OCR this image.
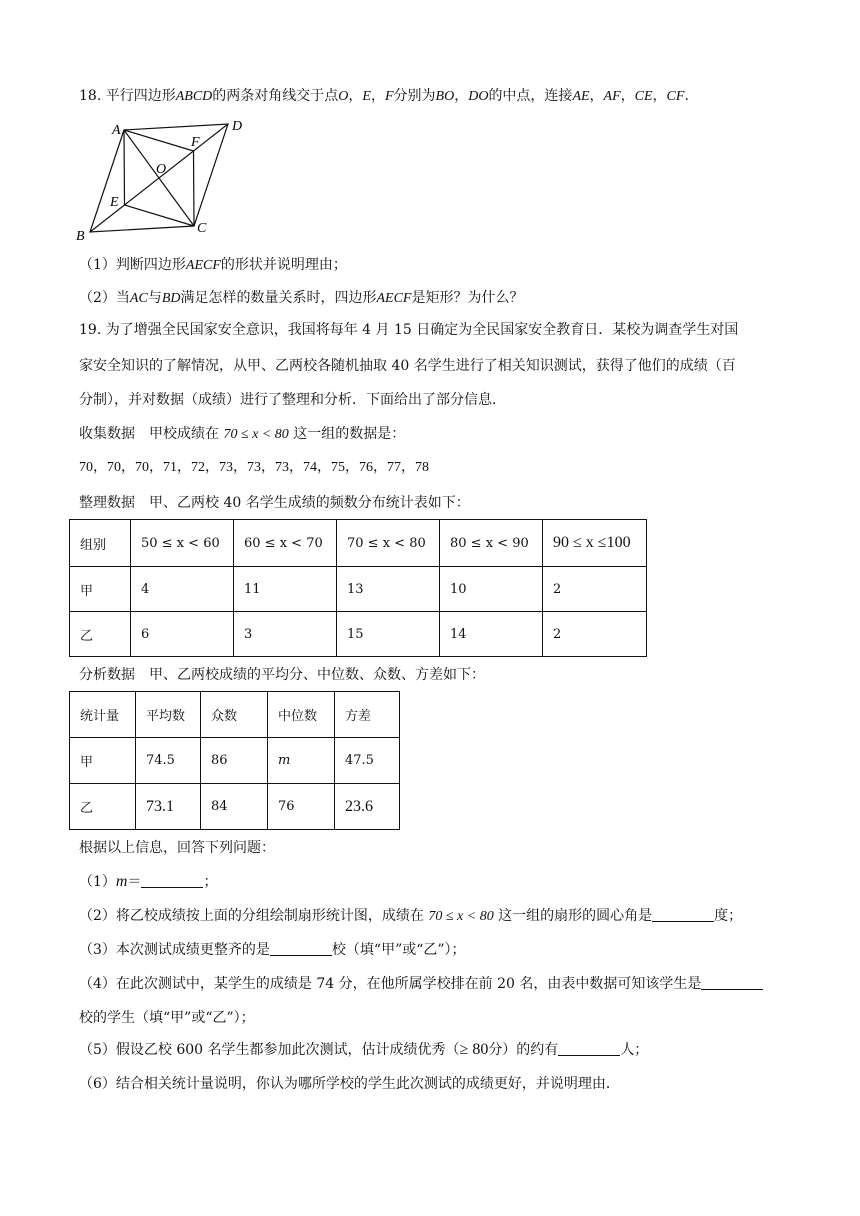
18. 平行四边形ABCD的两条对角线交于点O，E，F分别为BO，DO的中点，连接AE，AF，CE，CF.
A	D
F
O
E
C
B
（1）判断四边形AECF的形状并说明理由；
（2）当AC与BD满足怎样的数量关系时，四边形AECF是矩形？为什么？
19. 为了增强全民国家安全意识，我国将每年 4 月 15 日确定为全民国家安全教育日．某校为调查学生对国
家安全知识的了解情况，从甲、乙两校各随机抽取 40 名学生进行了相关知识测试，获得了他们的成绩（百
分制），并对数据（成绩）进行了整理和分析．下面给出了部分信息．
收集数据　甲校成绩在 70 ≤ x < 80 这一组的数据是：
70，70，70，71，72，73，73，73，74，75，76，77，78
整理数据　甲、乙两校 40 名学生成绩的频数分布统计表如下：
组别	50 ≤ x < 60	60 ≤ x < 70	70 ≤ x < 80	80 ≤ x < 90	90 ≤ x ≤100
甲	4	11	13	10	2
乙	6	3	15	14	2
分析数据　甲、乙两校成绩的平均分、中位数、众数、方差如下：
统计量	平均数	众数	中位数	方差
甲	74.5	86	m	47.5
乙	73.1	84	76	23.6
根据以上信息，回答下列问题：
（1）m＝	；
（2）将乙校成绩按上面的分组绘制扇形统计图，成绩在 70 ≤ x < 80 这一组的扇形的圆心角是	度；
（3）本次测试成绩更整齐的是	校（填“甲”或“乙”）；
（4）在此次测试中，某学生的成绩是 74 分，在他所属学校排在前 20 名，由表中数据可知该学生是
校的学生（填“甲”或“乙”）；
（5）假设乙校 600 名学生都参加此次测试，估计成绩优秀（≥ 80分）的约有	人；
（6）结合相关统计量说明，你认为哪所学校的学生此次测试的成绩更好，并说明理由．
